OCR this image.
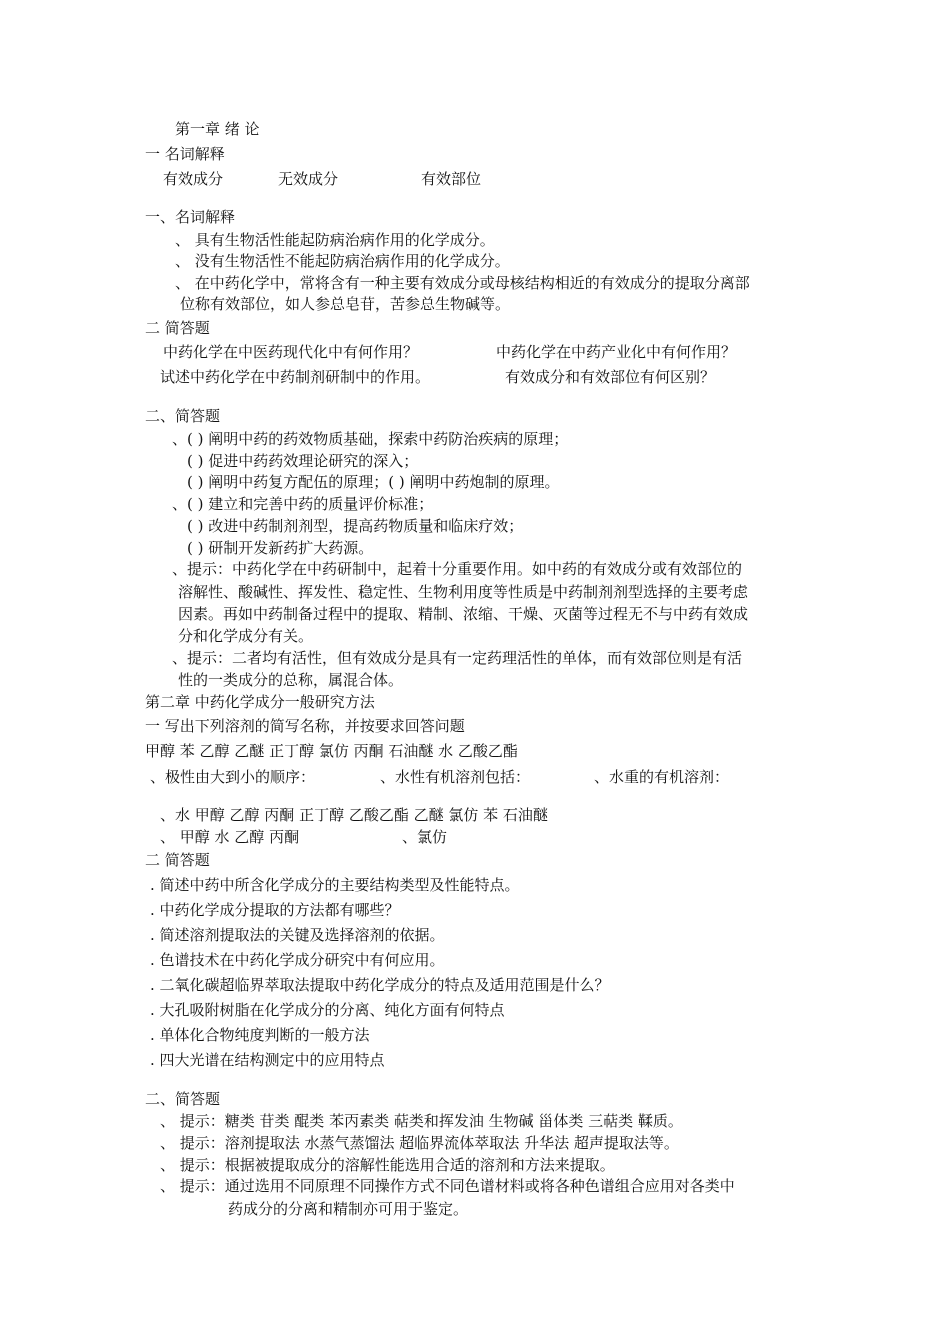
第一章 绪 论
一 名词解释
有效成分	无效成分	有效部位
一、名词解释
、 具有生物活性能起防病治病作用的化学成分。
、 没有生物活性不能起防病治病作用的化学成分。
、 在中药化学中，常将含有一种主要有效成分或母核结构相近的有效成分的提取分离部
位称有效部位，如人参总皂苷，苦参总生物碱等。
二 简答题
中药化学在中医药现代化中有何作用？	中药化学在中药产业化中有何作用？
试述中药化学在中药制剂研制中的作用。	有效成分和有效部位有何区别？
二、简答题
、( ) 阐明中药的药效物质基础，探索中药防治疾病的原理；
( ) 促进中药药效理论研究的深入；
( ) 阐明中药复方配伍的原理；( ) 阐明中药炮制的原理。
、( ) 建立和完善中药的质量评价标准；
( ) 改进中药制剂剂型，提高药物质量和临床疗效；
( ) 研制开发新药扩大药源。
、提示：中药化学在中药研制中，起着十分重要作用。如中药的有效成分或有效部位的
溶解性、酸碱性、挥发性、稳定性、生物利用度等性质是中药制剂剂型选择的主要考虑
因素。再如中药制备过程中的提取、精制、浓缩、干燥、灭菌等过程无不与中药有效成
分和化学成分有关。
、提示：二者均有活性，但有效成分是具有一定药理活性的单体，而有效部位则是有活
性的一类成分的总称，属混合体。
第二章 中药化学成分一般研究方法
一 写出下列溶剂的简写名称，并按要求回答问题
甲醇 苯 乙醇 乙醚 正丁醇 氯仿 丙酮 石油醚 水 乙酸乙酯
、极性由大到小的顺序：	、水性有机溶剂包括：	、水重的有机溶剂：
、水 甲醇 乙醇 丙酮 正丁醇 乙酸乙酯 乙醚 氯仿 苯 石油醚
、 甲醇 水 乙醇 丙酮	、氯仿
二 简答题
. 简述中药中所含化学成分的主要结构类型及性能特点。
. 中药化学成分提取的方法都有哪些？
. 简述溶剂提取法的关键及选择溶剂的依据。
. 色谱技术在中药化学成分研究中有何应用。
. 二氧化碳超临界萃取法提取中药化学成分的特点及适用范围是什么？
. 大孔吸附树脂在化学成分的分离、纯化方面有何特点
. 单体化合物纯度判断的一般方法
. 四大光谱在结构测定中的应用特点
二、简答题
、 提示：糖类 苷类 醌类 苯丙素类 萜类和挥发油 生物碱 甾体类 三萜类 鞣质。
、 提示：溶剂提取法 水蒸气蒸馏法 超临界流体萃取法 升华法 超声提取法等。
、 提示：根据被提取成分的溶解性能选用合适的溶剂和方法来提取。
、 提示：通过选用不同原理不同操作方式不同色谱材料或将各种色谱组合应用对各类中
药成分的分离和精制亦可用于鉴定。
